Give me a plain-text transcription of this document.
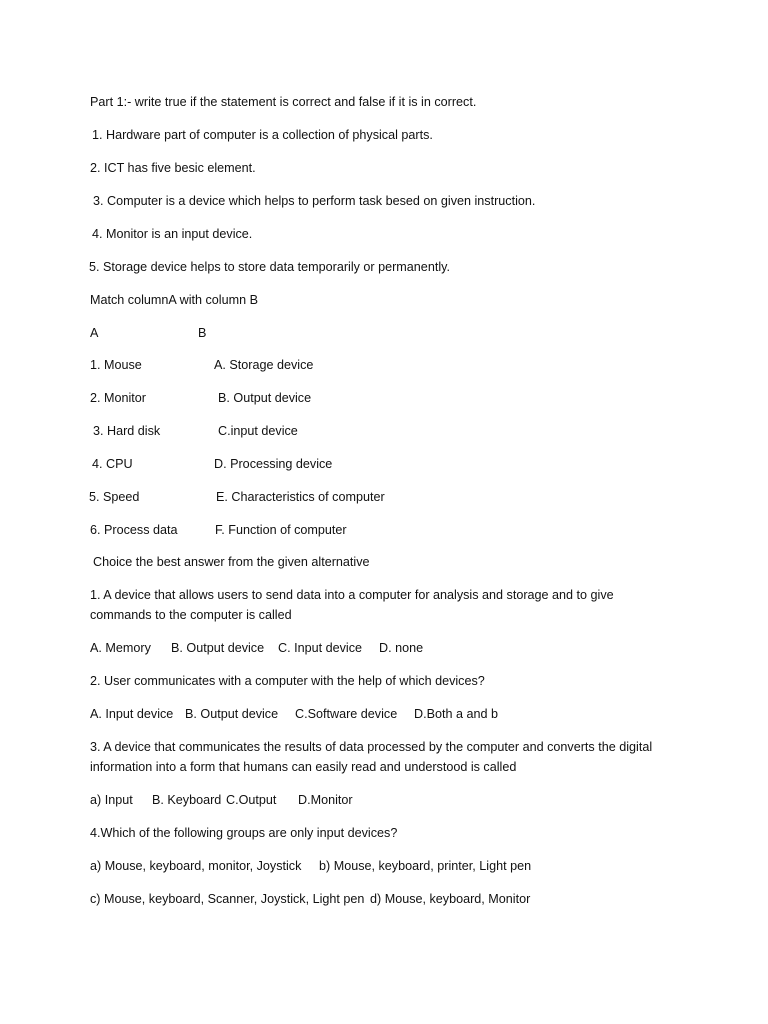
Part 1:- write true if the statement is correct and false if it is in correct.
1. Hardware part of computer is a collection of physical parts.
2. ICT has five besic element.
3. Computer is a device which helps to perform task besed on given instruction.
4. Monitor is an input device.
5. Storage device helps to store data temporarily or permanently.
Match columnA with column B
A	B
1. Mouse	A. Storage device
2. Monitor	B. Output device
3. Hard disk	C.input device
4. CPU	D. Processing device
5. Speed	E. Characteristics of computer
6. Process data	F. Function of computer
Choice the best answer from the given alternative
1. A device that allows users to send data into a computer for analysis and storage and to give
commands to the computer is called
A. Memory B. Output device C. Input device D. none
2. User communicates with a computer with the help of which devices?
A. Input device B. Output device C.Software device D.Both a and b
3. A device that communicates the results of data processed by the computer and converts the digital
information into a form that humans can easily read and understood is called
a) Input B. Keyboard C.Output D.Monitor
4.Which of the following groups are only input devices?
a) Mouse, keyboard, monitor, Joystick b) Mouse, keyboard, printer, Light pen
c) Mouse, keyboard, Scanner, Joystick, Light pen d) Mouse, keyboard, Monitor
